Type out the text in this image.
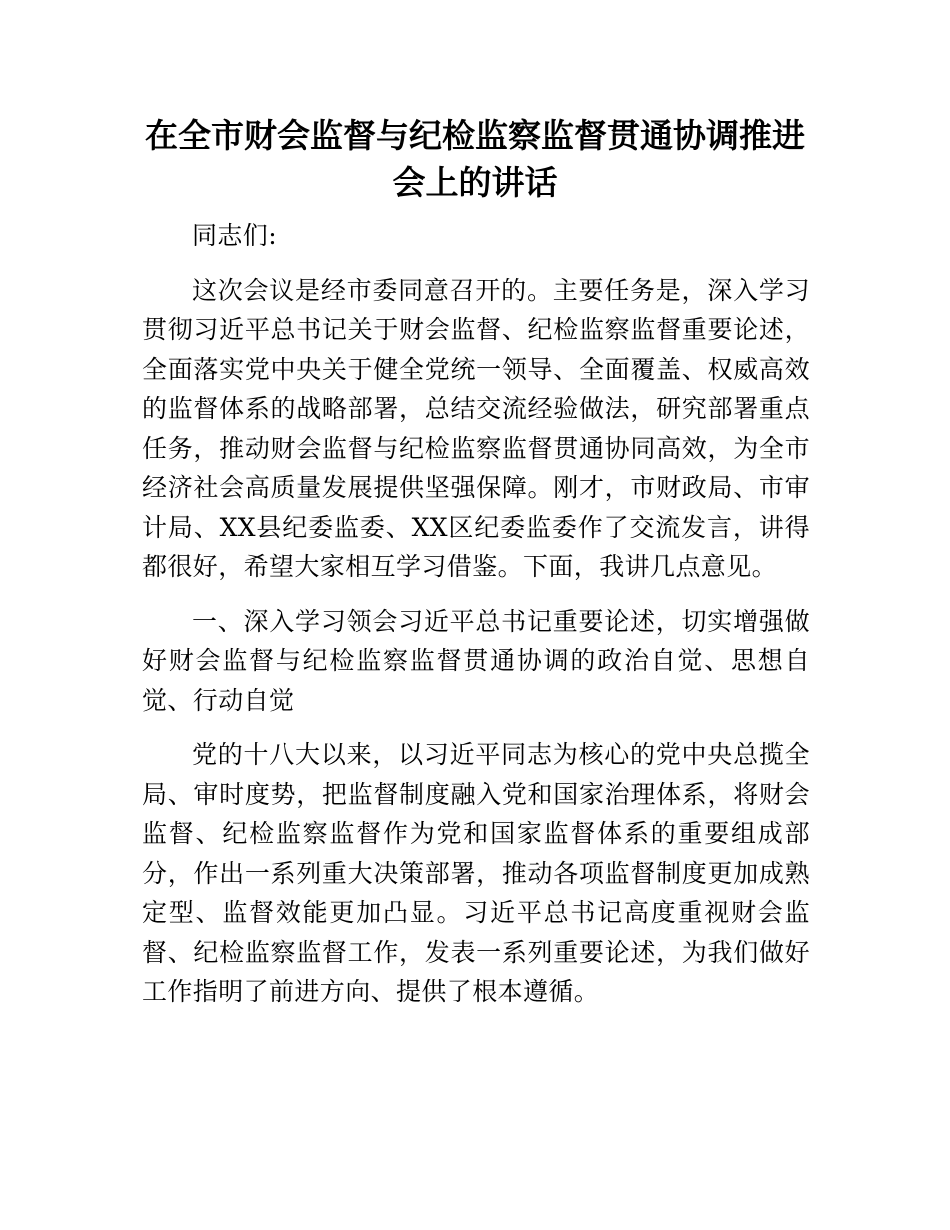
在全市财会监督与纪检监察监督贯通协调推进会上的讲话

同志们:

这次会议是经市委同意召开的。主要任务是，深入学习贯彻习近平总书记关于财会监督、纪检监察监督重要论述，全面落实党中央关于健全党统一领导、全面覆盖、权威高效的监督体系的战略部署，总结交流经验做法，研究部署重点任务，推动财会监督与纪检监察监督贯通协同高效，为全市经济社会高质量发展提供坚强保障。刚才，市财政局、市审计局、XX县纪委监委、XX区纪委监委作了交流发言，讲得都很好，希望大家相互学习借鉴。下面，我讲几点意见。

一、深入学习领会习近平总书记重要论述，切实增强做好财会监督与纪检监察监督贯通协调的政治自觉、思想自觉、行动自觉

党的十八大以来，以习近平同志为核心的党中央总揽全局、审时度势，把监督制度融入党和国家治理体系，将财会监督、纪检监察监督作为党和国家监督体系的重要组成部分，作出一系列重大决策部署，推动各项监督制度更加成熟定型、监督效能更加凸显。习近平总书记高度重视财会监督、纪检监察监督工作，发表一系列重要论述，为我们做好工作指明了前进方向、提供了根本遵循。
